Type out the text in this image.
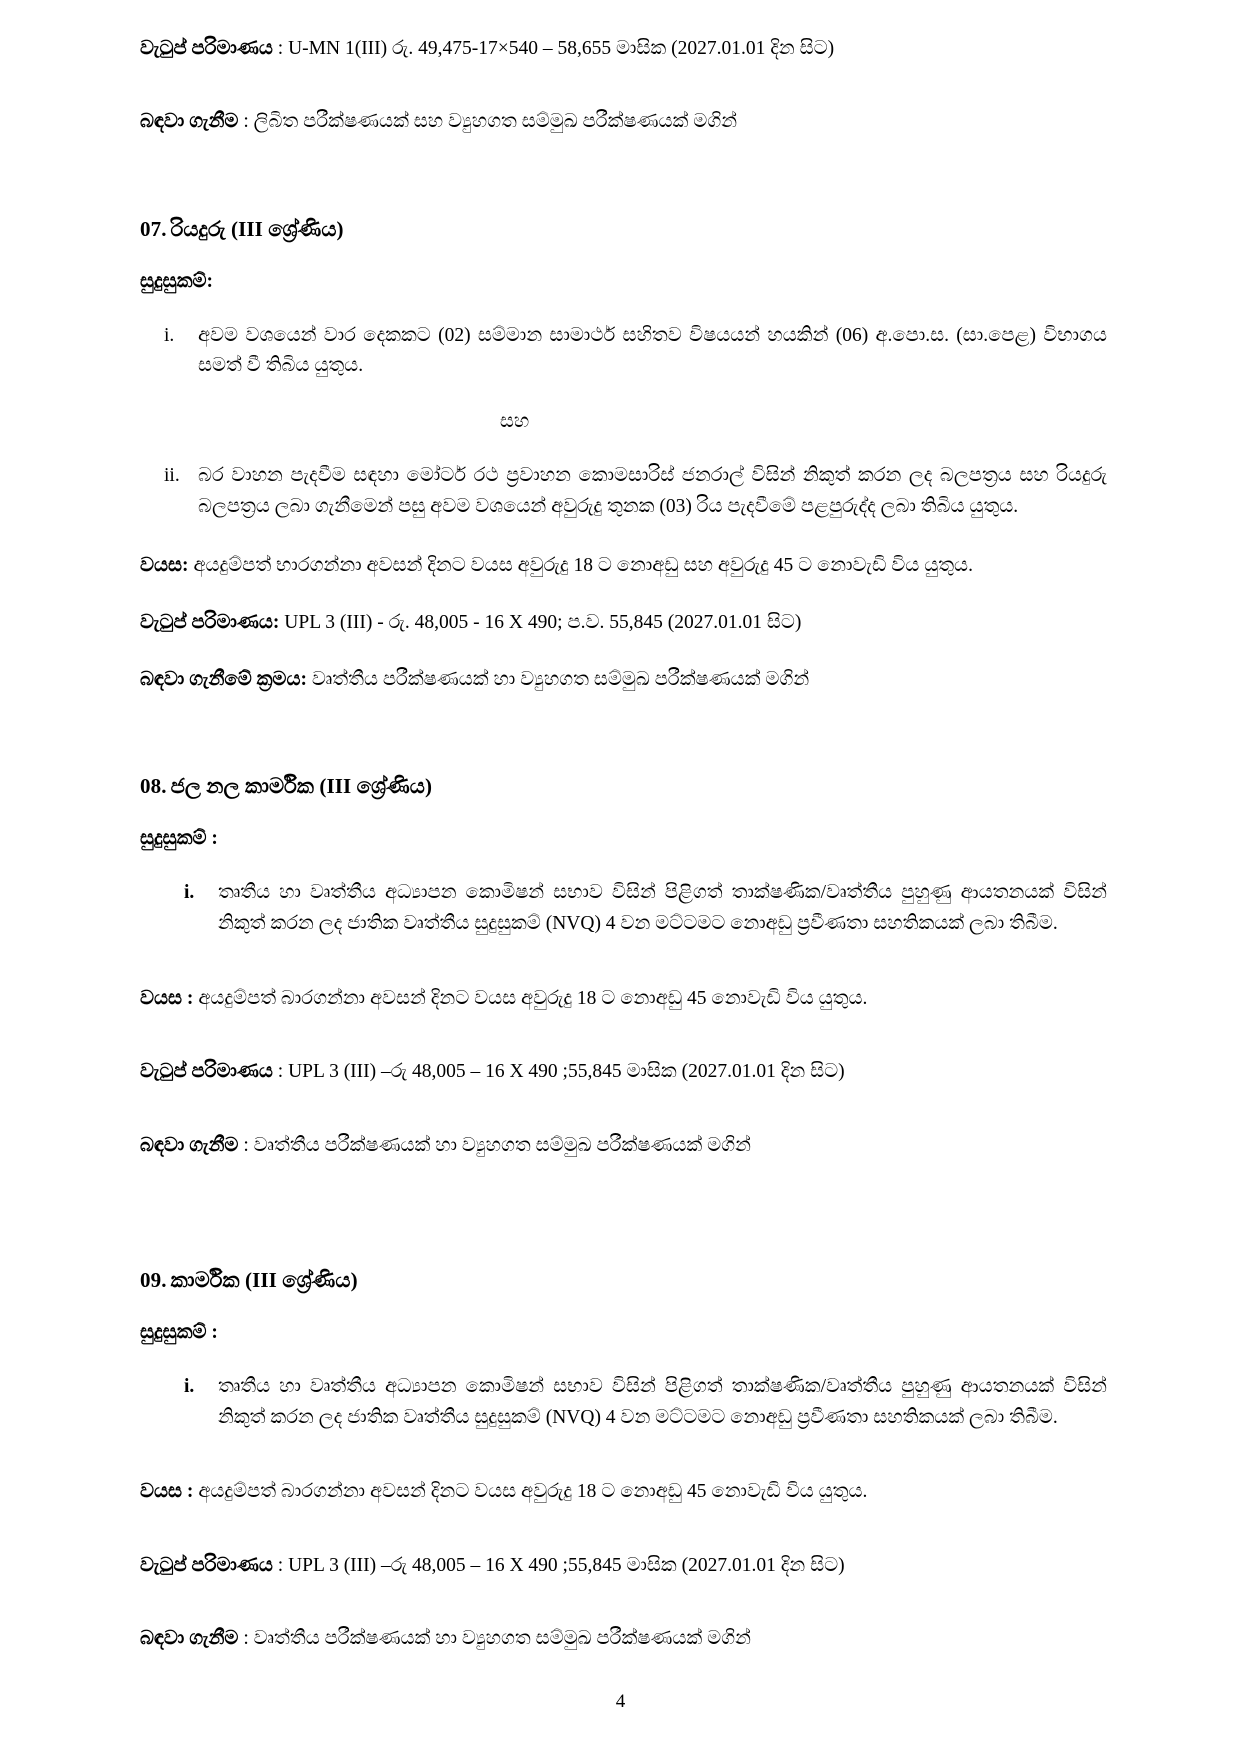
වැටුප් පරිමාණය : U-MN 1(III) රු. 49,475-17×540 – 58,655 මාසික (2027.01.01 දින සිට)

බඳවා ගැනීම : ලිබිත පරීක්ෂණයක් සහ ව්‍යුහගත සම්මුඛ පරීක්ෂණයක් මගින්

07. රියදුරු (III ශ්‍රේණිය)

සුදුසුකම්:

i.	අවම වශයෙන් වාර දෙකකට (02) සම්මාන සාමාර්ථ සහිතව විෂයයන් හයකින් (06) අ.පො.ස. (සා.පෙළ) විභාගය සමත් වී තිබිය යුතුය.

සහ

ii. බර වාහන පැදවීම සඳහා මෝටර් රථ ප්‍රවාහන කොමසාරිස් ජනරාල් විසින් නිකුත් කරන ලද බලපත්‍රය සහ රියදුරු බලපත්‍රය ලබා ගැනීමෙන් පසු අවම වශයෙන් අවුරුදු තුනක (03) රිය පැදවීමේ පළපුරුද්ද ලබා තිබිය යුතුය.

වයස: අයදුම්පත් භාරගන්නා අවසන් දිනට වයස අවුරුදු 18 ට නොඅඩු සහ අවුරුදු 45 ට නොවැඩි විය යුතුය.

වැටුප් පරිමාණය: UPL 3 (III) - රු. 48,005 - 16 X 490; ප.ව. 55,845 (2027.01.01 සිට)

බඳවා ගැනීමේ ක්‍රමය: වෘත්තීය පරීක්ෂණයක් හා ව්‍යුහගත සම්මුඛ පරීක්ෂණයක් මගින්

08. ජල නල කාර්මික (III ශ්‍රේණිය)

සුදුසුකම් :

i.	තෘතීය හා වෘත්තීය අධ්‍යාපන කොමිෂන් සභාව විසින් පිළිගත් තාක්ෂණික/වෘත්තීය පුහුණු ආයතනයක් විසින් නිකුත් කරන ලද ජාතික වෘත්තීය සුදුසුකම් (NVQ) 4 වන මට්ටමට නොඅඩු ප්‍රවීණතා සහතිකයක් ලබා තිබීම.

වයස : අයදුම්පත් බාරගන්නා අවසන් දිනට වයස අවුරුදු 18 ට නොඅඩු 45 නොවැඩි විය යුතුය.

වැටුප් පරිමාණය : UPL 3 (III) –රු 48,005 – 16 X 490 ;55,845 මාසික (2027.01.01 දින සිට)

බඳවා ගැනීම : වෘත්තීය පරීක්ෂණයක් හා ව්‍යුහගත සම්මුඛ පරීක්ෂණයක් මගින්

09. කාර්මික (III ශ්‍රේණිය)

සුදුසුකම් :

i.	තෘතීය හා වෘත්තීය අධ්‍යාපන කොමිෂන් සභාව විසින් පිළිගත් තාක්ෂණික/වෘත්තීය පුහුණු ආයතනයක් විසින් නිකුත් කරන ලද ජාතික වෘත්තීය සුදුසුකම් (NVQ) 4 වන මට්ටමට නොඅඩු ප්‍රවීණතා සහතිකයක් ලබා තිබීම.

වයස : අයදුම්පත් බාරගන්නා අවසන් දිනට වයස අවුරුදු 18 ට නොඅඩු 45 නොවැඩි විය යුතුය.

වැටුප් පරිමාණය : UPL 3 (III) –රු 48,005 – 16 X 490 ;55,845 මාසික (2027.01.01 දින සිට)

බඳවා ගැනීම : වෘත්තීය පරීක්ෂණයක් හා ව්‍යුහගත සම්මුඛ පරීක්ෂණයක් මගින්

4
